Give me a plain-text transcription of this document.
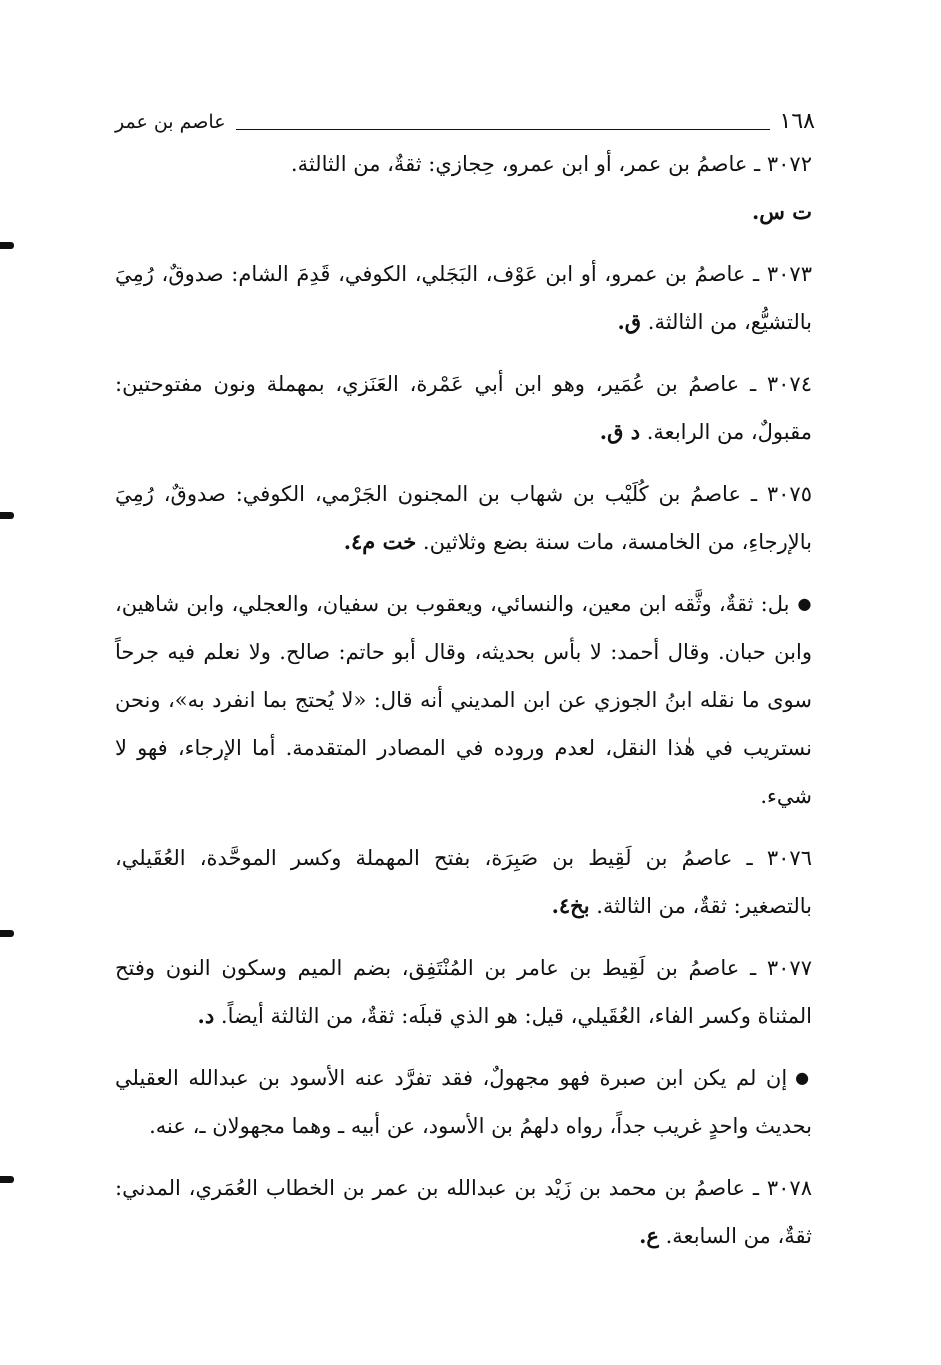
١٦٨
عاصم بن عمر

٣٠٧٢ ـ عاصمُ بن عمر، أو ابن عمرو، حِجازي: ثقةٌ، من الثالثة.
ت س.

٣٠٧٣ ـ عاصمُ بن عمرو، أو ابن عَوْف، البَجَلي، الكوفي، قَدِمَ الشام: صدوقٌ، رُمِيَ بالتشيُّع، من الثالثة. ق.

٣٠٧٤ ـ عاصمُ بن عُمَير، وهو ابن أبي عَمْرة، العَنَزي، بمهملة ونون مفتوحتين: مقبولٌ، من الرابعة. د ق.

٣٠٧٥ ـ عاصمُ بن كُلَيْب بن شهاب بن المجنون الجَرْمي، الكوفي: صدوقٌ، رُمِيَ بالإرجاءِ، من الخامسة، مات سنة بضع وثلاثين. خت م٤.

●بل: ثقةٌ، وثَّقه ابن معين، والنسائي، ويعقوب بن سفيان، والعجلي، وابن شاهين، وابن حبان. وقال أحمد: لا بأس بحديثه، وقال أبو حاتم: صالح. ولا نعلم فيه جرحاً سوى ما نقله ابنُ الجوزي عن ابن المديني أنه قال: «لا يُحتج بما انفرد به»، ونحن نستريب في هٰذا النقل، لعدم وروده في المصادر المتقدمة. أما الإرجاء، فهو لا شيء.

٣٠٧٦ ـ عاصمُ بن لَقِيط بن صَبِرَة، بفتح المهملة وكسر الموحَّدة، العُقَيلي، بالتصغير: ثقةٌ، من الثالثة. بخ٤.

٣٠٧٧ ـ عاصمُ بن لَقِيط بن عامر بن المُنْتَفِق، بضم الميم وسكون النون وفتح المثناة وكسر الفاء، العُقَيلي، قيل: هو الذي قبلَه: ثقةٌ، من الثالثة أيضاً. د.

●إن لم يكن ابن صبرة فهو مجهولٌ، فقد تفرَّد عنه الأسود بن عبدالله العقيلي بحديث واحدٍ غريب جداً، رواه دلهمُ بن الأسود، عن أبيه ـ وهما مجهولان ـ، عنه.

٣٠٧٨ ـ عاصمُ بن محمد بن زَيْد بن عبدالله بن عمر بن الخطاب العُمَري، المدني: ثقةٌ، من السابعة. ع.
